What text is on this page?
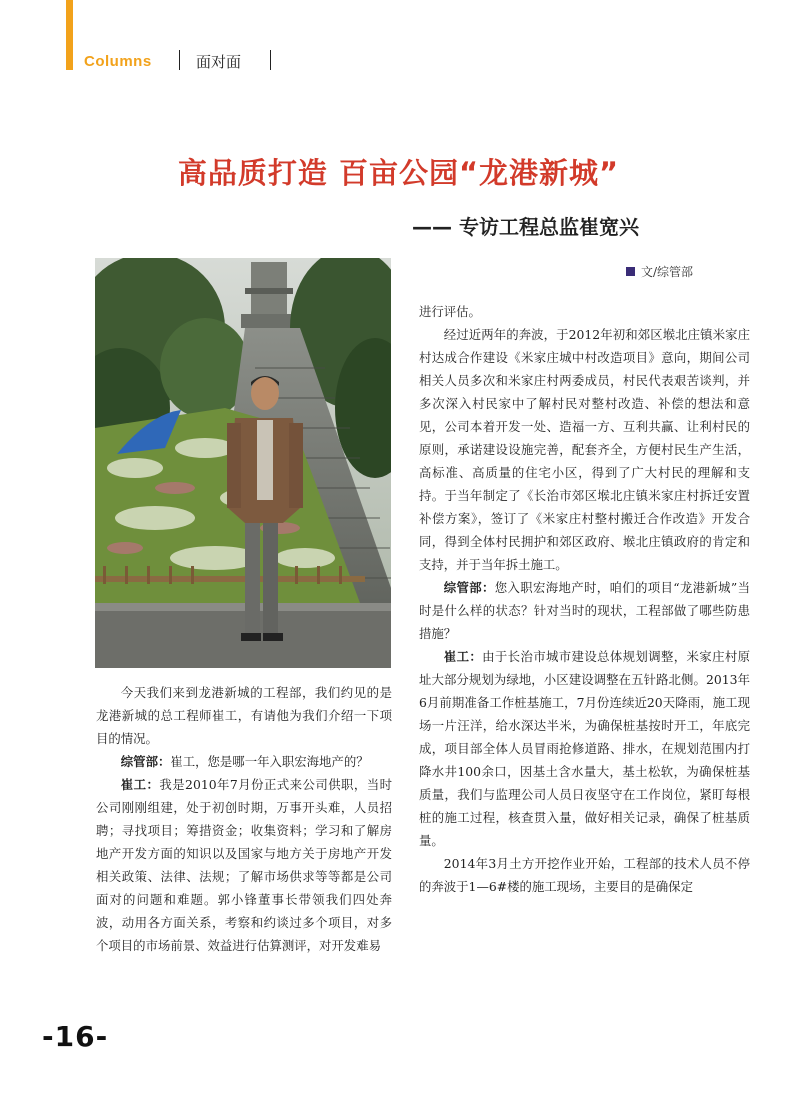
Columns	面对面
高品质打造 百亩公园“龙港新城”
—— 专访工程总监崔宽兴
文/综管部

今天我们来到龙港新城的工程部，我们约见的是龙港新城的总工程师崔工，有请他为我们介绍一下项目的情况。

综管部：崔工，您是哪一年入职宏海地产的？

崔工：我是2010年7月份正式来公司供职，当时公司刚刚组建，处于初创时期，万事开头难，人员招聘；寻找项目；筹措资金；收集资料；学习和了解房地产开发方面的知识以及国家与地方关于房地产开发相关政策、法律、法规；了解市场供求等等都是公司面对的问题和难题。郭小锋董事长带领我们四处奔波，动用各方面关系，考察和约谈过多个项目，对多个项目的市场前景、效益进行估算测评，对开发难易

进行评估。

经过近两年的奔波，于2012年初和郊区堠北庄镇米家庄村达成合作建设《米家庄城中村改造项目》意向，期间公司相关人员多次和米家庄村两委成员，村民代表艰苦谈判，并多次深入村民家中了解村民对整村改造、补偿的想法和意见，公司本着开发一处、造福一方、互利共赢、让利村民的原则，承诺建设设施完善，配套齐全，方便村民生产生活，高标准、高质量的住宅小区，得到了广大村民的理解和支持。于当年制定了《长治市郊区堠北庄镇米家庄村拆迁安置补偿方案》，签订了《米家庄村整村搬迁合作改造》开发合同，得到全体村民拥护和郊区政府、堠北庄镇政府的肯定和支持，并于当年拆土施工。

综管部：您入职宏海地产时，咱们的项目“龙港新城”当时是什么样的状态？针对当时的现状，工程部做了哪些防患措施？

崔工：由于长治市城市建设总体规划调整，米家庄村原址大部分规划为绿地，小区建设调整在五针路北侧。2013年6月前期准备工作桩基施工，7月份连续近20天降雨，施工现场一片汪洋，给水深达半米，为确保桩基按时开工，年底完成，项目部全体人员冒雨抢修道路、排水，在规划范围内打降水井100余口，因基土含水量大，基土松软，为确保桩基质量，我们与监理公司人员日夜坚守在工作岗位，紧盯每根桩的施工过程，核查贯入量，做好相关记录，确保了桩基质量。

2014年3月土方开挖作业开始，工程部的技术人员不停的奔波于1—6#楼的施工现场，主要目的是确保定

-16-
